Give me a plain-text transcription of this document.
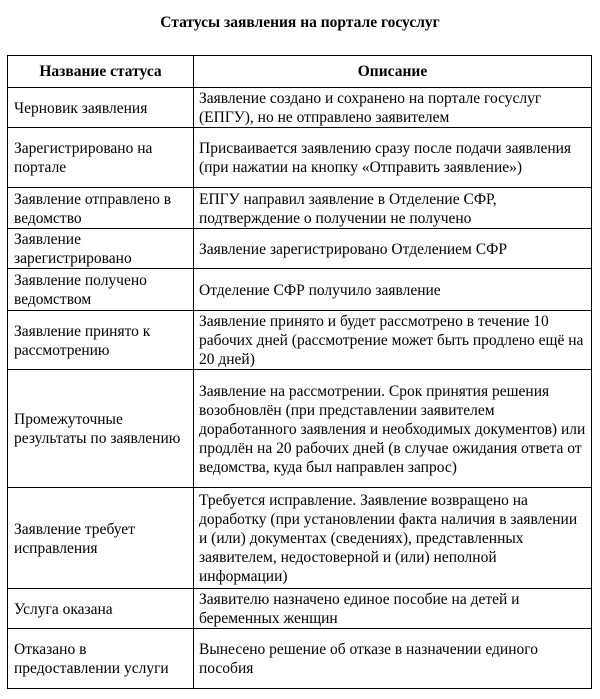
Статусы заявления на портале госуслуг
Название статуса	Описание
Черновик заявления	Заявление создано и сохранено на портале госуслуг (ЕПГУ), но не отправлено заявителем
Зарегистрировано на портале	Присваивается заявлению сразу после подачи заявления (при нажатии на кнопку «Отправить заявление»)
Заявление отправлено в ведомство	ЕПГУ направил заявление в Отделение СФР, подтверждение о получении не получено
Заявление зарегистрировано	Заявление зарегистрировано Отделением СФР
Заявление получено ведомством	Отделение СФР получило заявление
Заявление принято к рассмотрению	Заявление принято и будет рассмотрено в течение 10 рабочих дней (рассмотрение может быть продлено ещё на 20 дней)
Промежуточные результаты по заявлению	Заявление на рассмотрении. Срок принятия решения возобновлён (при представлении заявителем доработанного заявления и необходимых документов) или продлён на 20 рабочих дней (в случае ожидания ответа от ведомства, куда был направлен запрос)
Заявление требует исправления	Требуется исправление. Заявление возвращено на доработку (при установлении факта наличия в заявлении и (или) документах (сведениях), представленных заявителем, недостоверной и (или) неполной информации)
Услуга оказана	Заявителю назначено единое пособие на детей и беременных женщин
Отказано в предоставлении услуги	Вынесено решение об отказе в назначении единого пособия
